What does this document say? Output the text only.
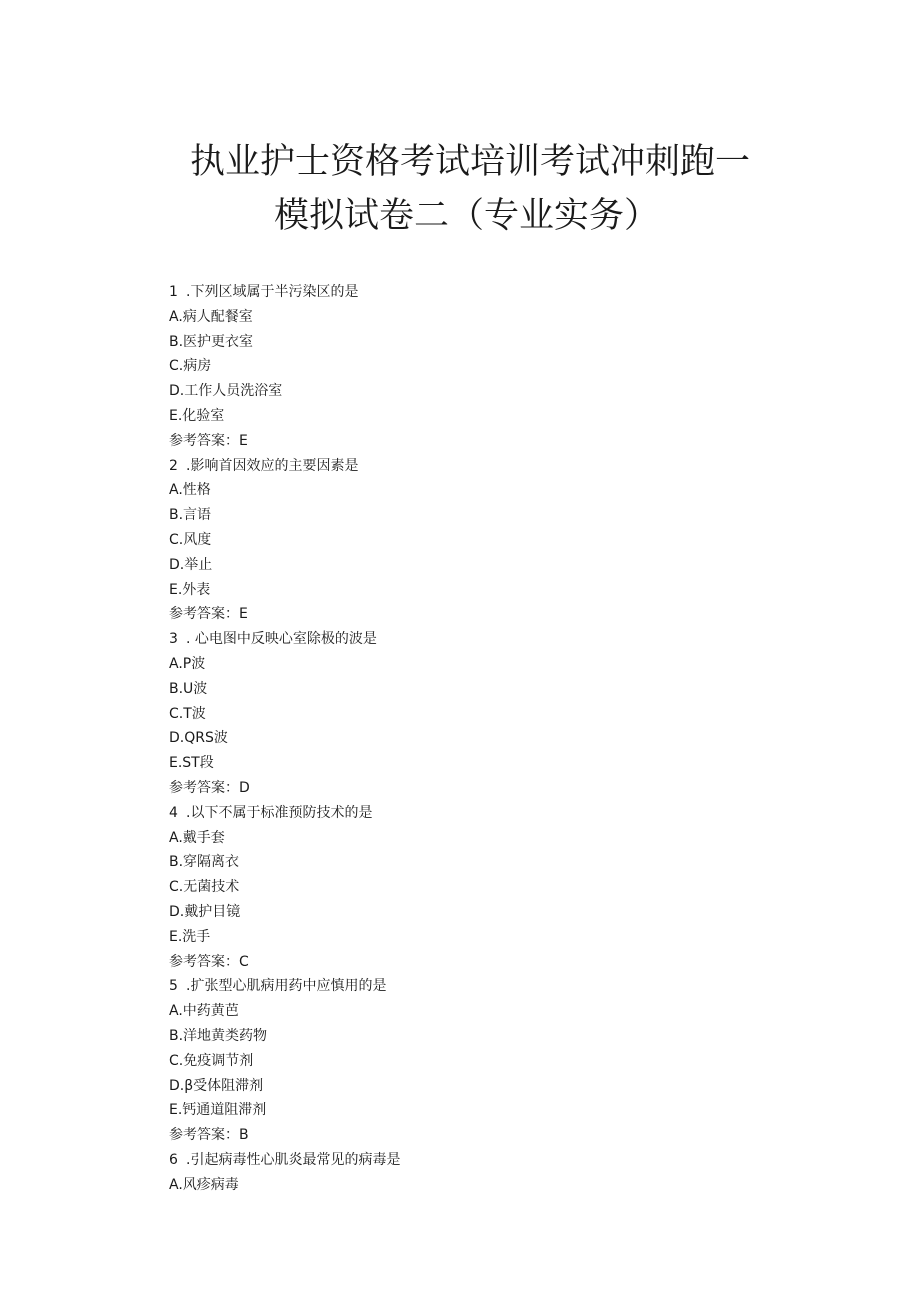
执业护士资格考试培训考试冲刺跑一
模拟试卷二（专业实务）
1 .下列区域属于半污染区的是
A.病人配餐室
B.医护更衣室
C.病房
D.工作人员洗浴室
E.化验室
参考答案：E
2 .影响首因效应的主要因素是
A.性格
B.言语
C.风度
D.举止
E.外表
参考答案：E
3 . 心电图中反映心室除极的波是
A.P波
B.U波
C.T波
D.QRS波
E.ST段
参考答案：D
4 .以下不属于标准预防技术的是
A.戴手套
B.穿隔离衣
C.无菌技术
D.戴护目镜
E.洗手
参考答案：C
5 .扩张型心肌病用药中应慎用的是
A.中药黄芭
B.洋地黄类药物
C.免疫调节剂
D.β受体阻滞剂
E.钙通道阻滞剂
参考答案：B
6 .引起病毒性心肌炎最常见的病毒是
A.风疹病毒
